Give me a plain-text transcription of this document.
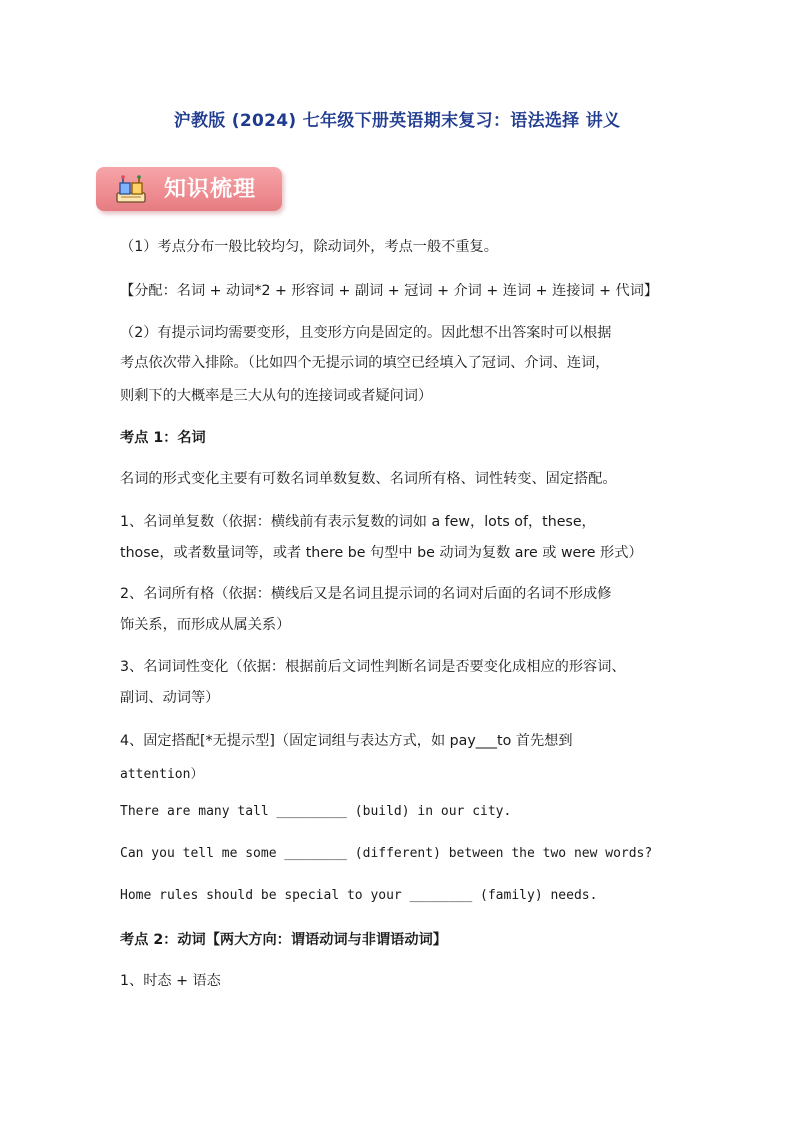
沪教版 (2024) 七年级下册英语期末复习：语法选择 讲义
知识梳理
（1）考点分布一般比较均匀，除动词外，考点一般不重复。
【分配：名词 + 动词*2 + 形容词 + 副词 + 冠词 + 介词 + 连词 + 连接词 + 代词】
（2）有提示词均需要变形，且变形方向是固定的。因此想不出答案时可以根据
考点依次带入排除。（比如四个无提示词的填空已经填入了冠词、介词、连词，
则剩下的大概率是三大从句的连接词或者疑问词）
考点 1：名词
名词的形式变化主要有可数名词单数复数、名词所有格、词性转变、固定搭配。
1、名词单复数（依据：横线前有表示复数的词如 a few，lots of，these，
those，或者数量词等，或者 there be 句型中 be 动词为复数 are 或 were 形式）
2、名词所有格（依据：横线后又是名词且提示词的名词对后面的名词不形成修
饰关系，而形成从属关系）
3、名词词性变化（依据：根据前后文词性判断名词是否要变化成相应的形容词、
副词、动词等）
4、固定搭配[*无提示型]（固定词组与表达方式，如 pay___to 首先想到
attention）
There are many tall _________ (build) in our city.
Can you tell me some ________ (different) between the two new words?
Home rules should be special to your ________ (family) needs.
考点 2：动词【两大方向：谓语动词与非谓语动词】
1、时态 + 语态
